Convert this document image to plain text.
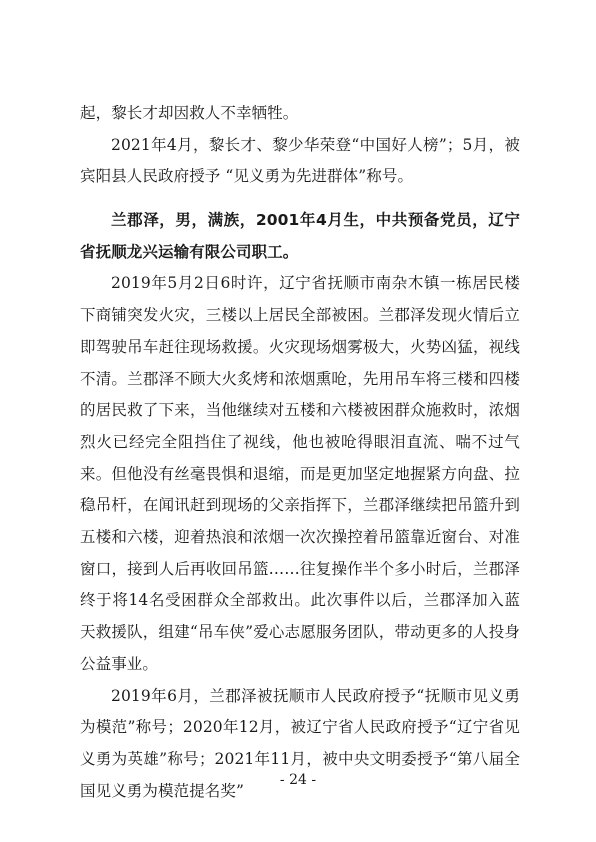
起，黎长才却因救人不幸牺牲。

2021年4月，黎长才、黎少华荣登“中国好人榜”；5月，被宾阳县人民政府授予 “见义勇为先进群体”称号。

兰郡泽，男，满族，2001年4月生，中共预备党员，辽宁省抚顺龙兴运输有限公司职工。

2019年5月2日6时许，辽宁省抚顺市南杂木镇一栋居民楼下商铺突发火灾，三楼以上居民全部被困。兰郡泽发现火情后立即驾驶吊车赶往现场救援。火灾现场烟雾极大，火势凶猛，视线不清。兰郡泽不顾大火炙烤和浓烟熏呛，先用吊车将三楼和四楼的居民救了下来，当他继续对五楼和六楼被困群众施救时，浓烟烈火已经完全阻挡住了视线，他也被呛得眼泪直流、喘不过气来。但他没有丝毫畏惧和退缩，而是更加坚定地握紧方向盘、拉稳吊杆，在闻讯赶到现场的父亲指挥下，兰郡泽继续把吊篮升到五楼和六楼，迎着热浪和浓烟一次次操控着吊篮靠近窗台、对准窗口，接到人后再收回吊篮……往复操作半个多小时后，兰郡泽终于将14名受困群众全部救出。此次事件以后，兰郡泽加入蓝天救援队，组建“吊车侠”爱心志愿服务团队，带动更多的人投身公益事业。

2019年6月，兰郡泽被抚顺市人民政府授予“抚顺市见义勇为模范”称号；2020年12月，被辽宁省人民政府授予“辽宁省见义勇为英雄”称号；2021年11月，被中央文明委授予“第八届全国见义勇为模范提名奖”

- 24 -
